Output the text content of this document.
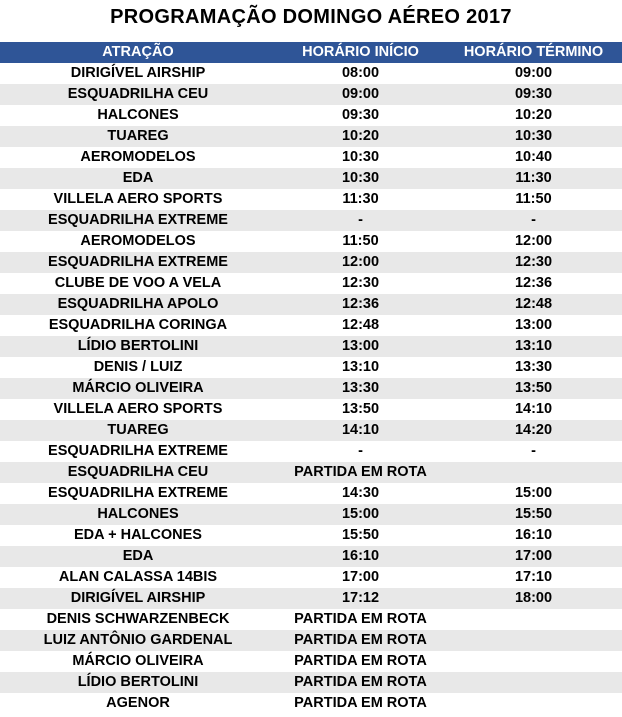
PROGRAMAÇÃO DOMINGO AÉREO 2017
ATRAÇÃO	HORÁRIO INÍCIO	HORÁRIO TÉRMINO
DIRIGÍVEL AIRSHIP	08:00	09:00
ESQUADRILHA CEU	09:00	09:30
HALCONES	09:30	10:20
TUAREG	10:20	10:30
AEROMODELOS	10:30	10:40
EDA	10:30	11:30
VILLELA AERO SPORTS	11:30	11:50
ESQUADRILHA EXTREME	-	-
AEROMODELOS	11:50	12:00
ESQUADRILHA EXTREME	12:00	12:30
CLUBE DE VOO A VELA	12:30	12:36
ESQUADRILHA APOLO	12:36	12:48
ESQUADRILHA CORINGA	12:48	13:00
LÍDIO BERTOLINI	13:00	13:10
DENIS / LUIZ	13:10	13:30
MÁRCIO OLIVEIRA	13:30	13:50
VILLELA AERO SPORTS	13:50	14:10
TUAREG	14:10	14:20
ESQUADRILHA EXTREME	-	-
ESQUADRILHA CEU	PARTIDA EM ROTA
ESQUADRILHA EXTREME	14:30	15:00
HALCONES	15:00	15:50
EDA + HALCONES	15:50	16:10
EDA	16:10	17:00
ALAN CALASSA 14BIS	17:00	17:10
DIRIGÍVEL AIRSHIP	17:12	18:00
DENIS SCHWARZENBECK	PARTIDA EM ROTA
LUIZ ANTÔNIO GARDENAL	PARTIDA EM ROTA
MÁRCIO OLIVEIRA	PARTIDA EM ROTA
LÍDIO BERTOLINI	PARTIDA EM ROTA
AGENOR	PARTIDA EM ROTA
